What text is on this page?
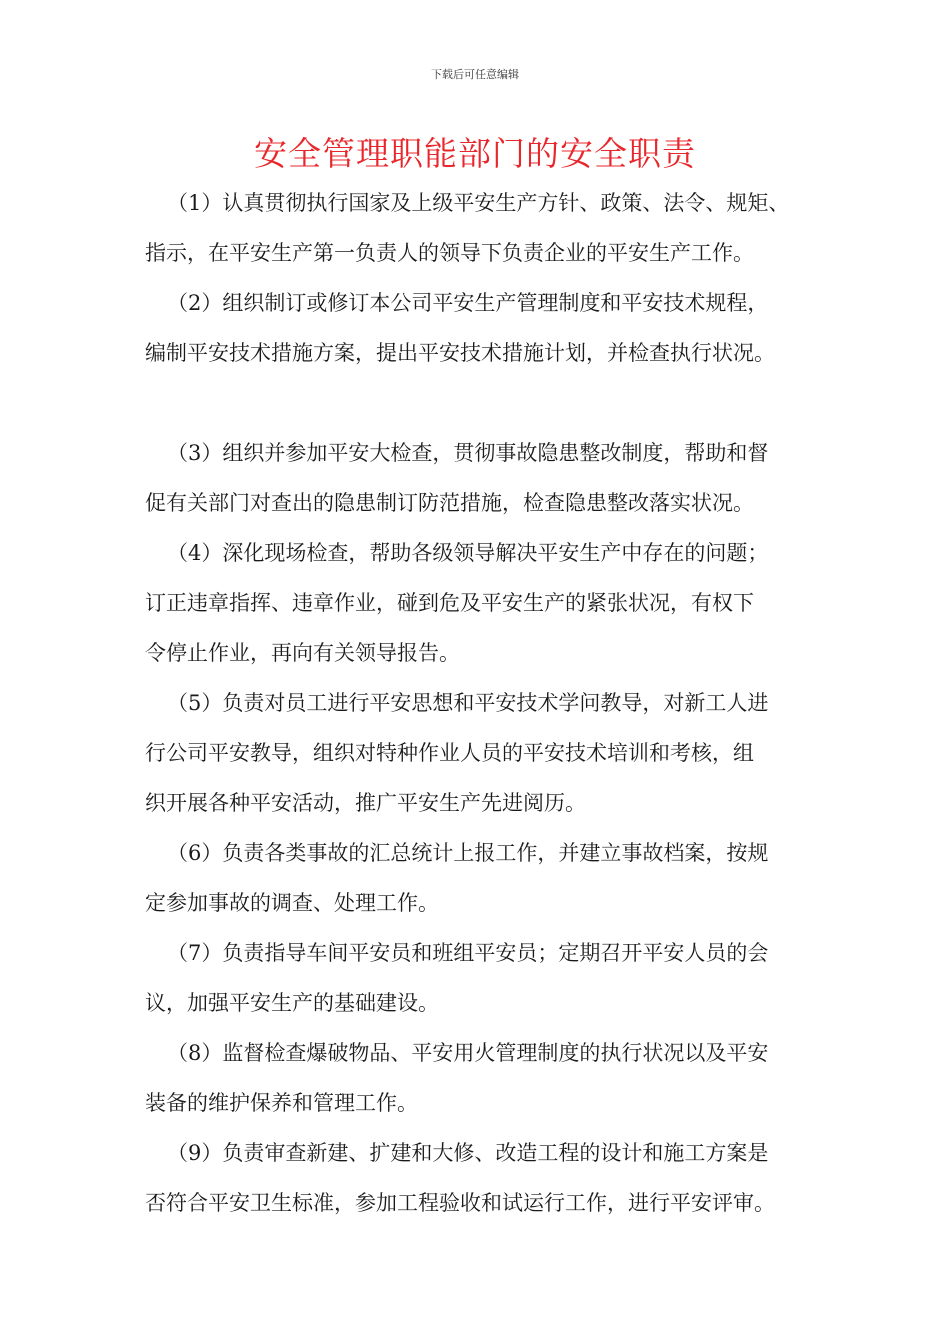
下载后可任意编辑
安全管理职能部门的安全职责

（1）认真贯彻执行国家及上级平安生产方针、政策、法令、规矩、
指示，在平安生产第一负责人的领导下负责企业的平安生产工作。

（2）组织制订或修订本公司平安生产管理制度和平安技术规程，
编制平安技术措施方案，提出平安技术措施计划，并检查执行状况。

（3）组织并参加平安大检查，贯彻事故隐患整改制度，帮助和督
促有关部门对查出的隐患制订防范措施，检查隐患整改落实状况。

（4）深化现场检查，帮助各级领导解决平安生产中存在的问题；
订正违章指挥、违章作业，碰到危及平安生产的紧张状况，有权下
令停止作业，再向有关领导报告。

（5）负责对员工进行平安思想和平安技术学问教导，对新工人进
行公司平安教导，组织对特种作业人员的平安技术培训和考核，组
织开展各种平安活动，推广平安生产先进阅历。

（6）负责各类事故的汇总统计上报工作，并建立事故档案，按规
定参加事故的调查、处理工作。

（7）负责指导车间平安员和班组平安员；定期召开平安人员的会
议，加强平安生产的基础建设。

（8）监督检查爆破物品、平安用火管理制度的执行状况以及平安
装备的维护保养和管理工作。

（9）负责审查新建、扩建和大修、改造工程的设计和施工方案是
否符合平安卫生标准，参加工程验收和试运行工作，进行平安评审。
